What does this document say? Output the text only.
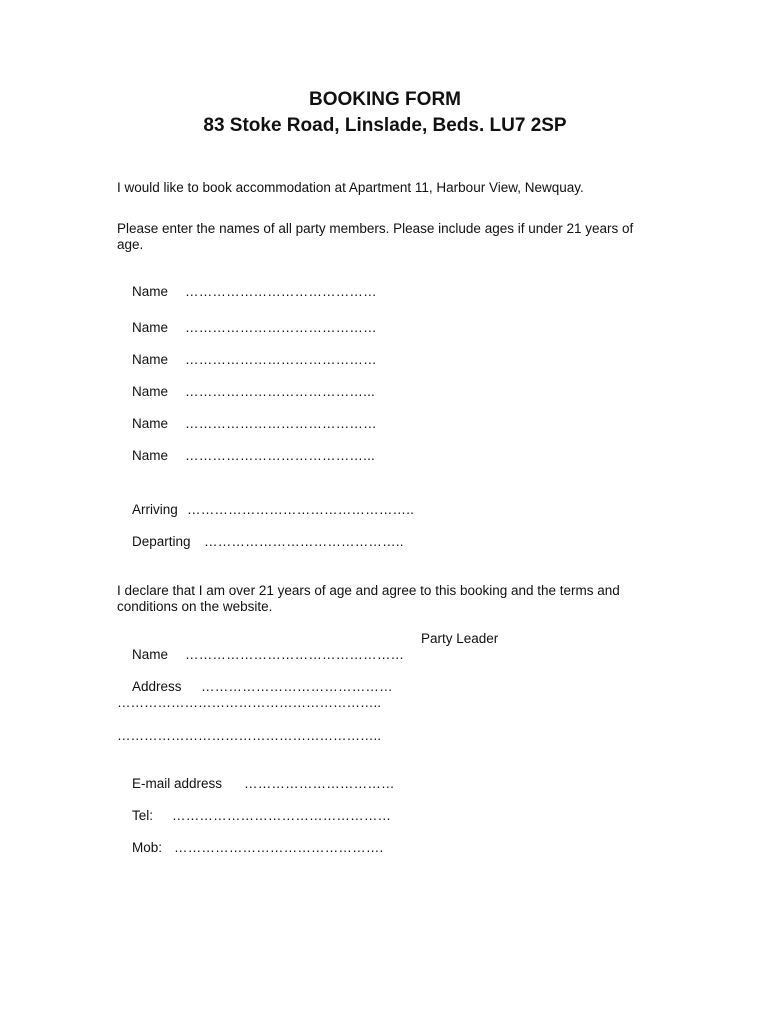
BOOKING FORM
83 Stoke Road, Linslade, Beds. LU7 2SP

I would like to book accommodation at Apartment 11, Harbour View, Newquay.

Please enter the names of all party members. Please include ages if under 21 years of age.

Name ……………………………………

Name ……………………………………

Name ……………………………………

Name …………………………………...

Name ……………………………………

Name …………………………………...

Arriving …………………………………………..

Departing ……………………………………..

I declare that I am over 21 years of age and agree to this booking and the terms and conditions on the website.

Name …………………………………………

Party Leader

Address ……………………………………

…………………………………………………..
…………………………………………………..

E-mail address ……………………………

Tel: …………………………………………

Mob: ……………………………………….
